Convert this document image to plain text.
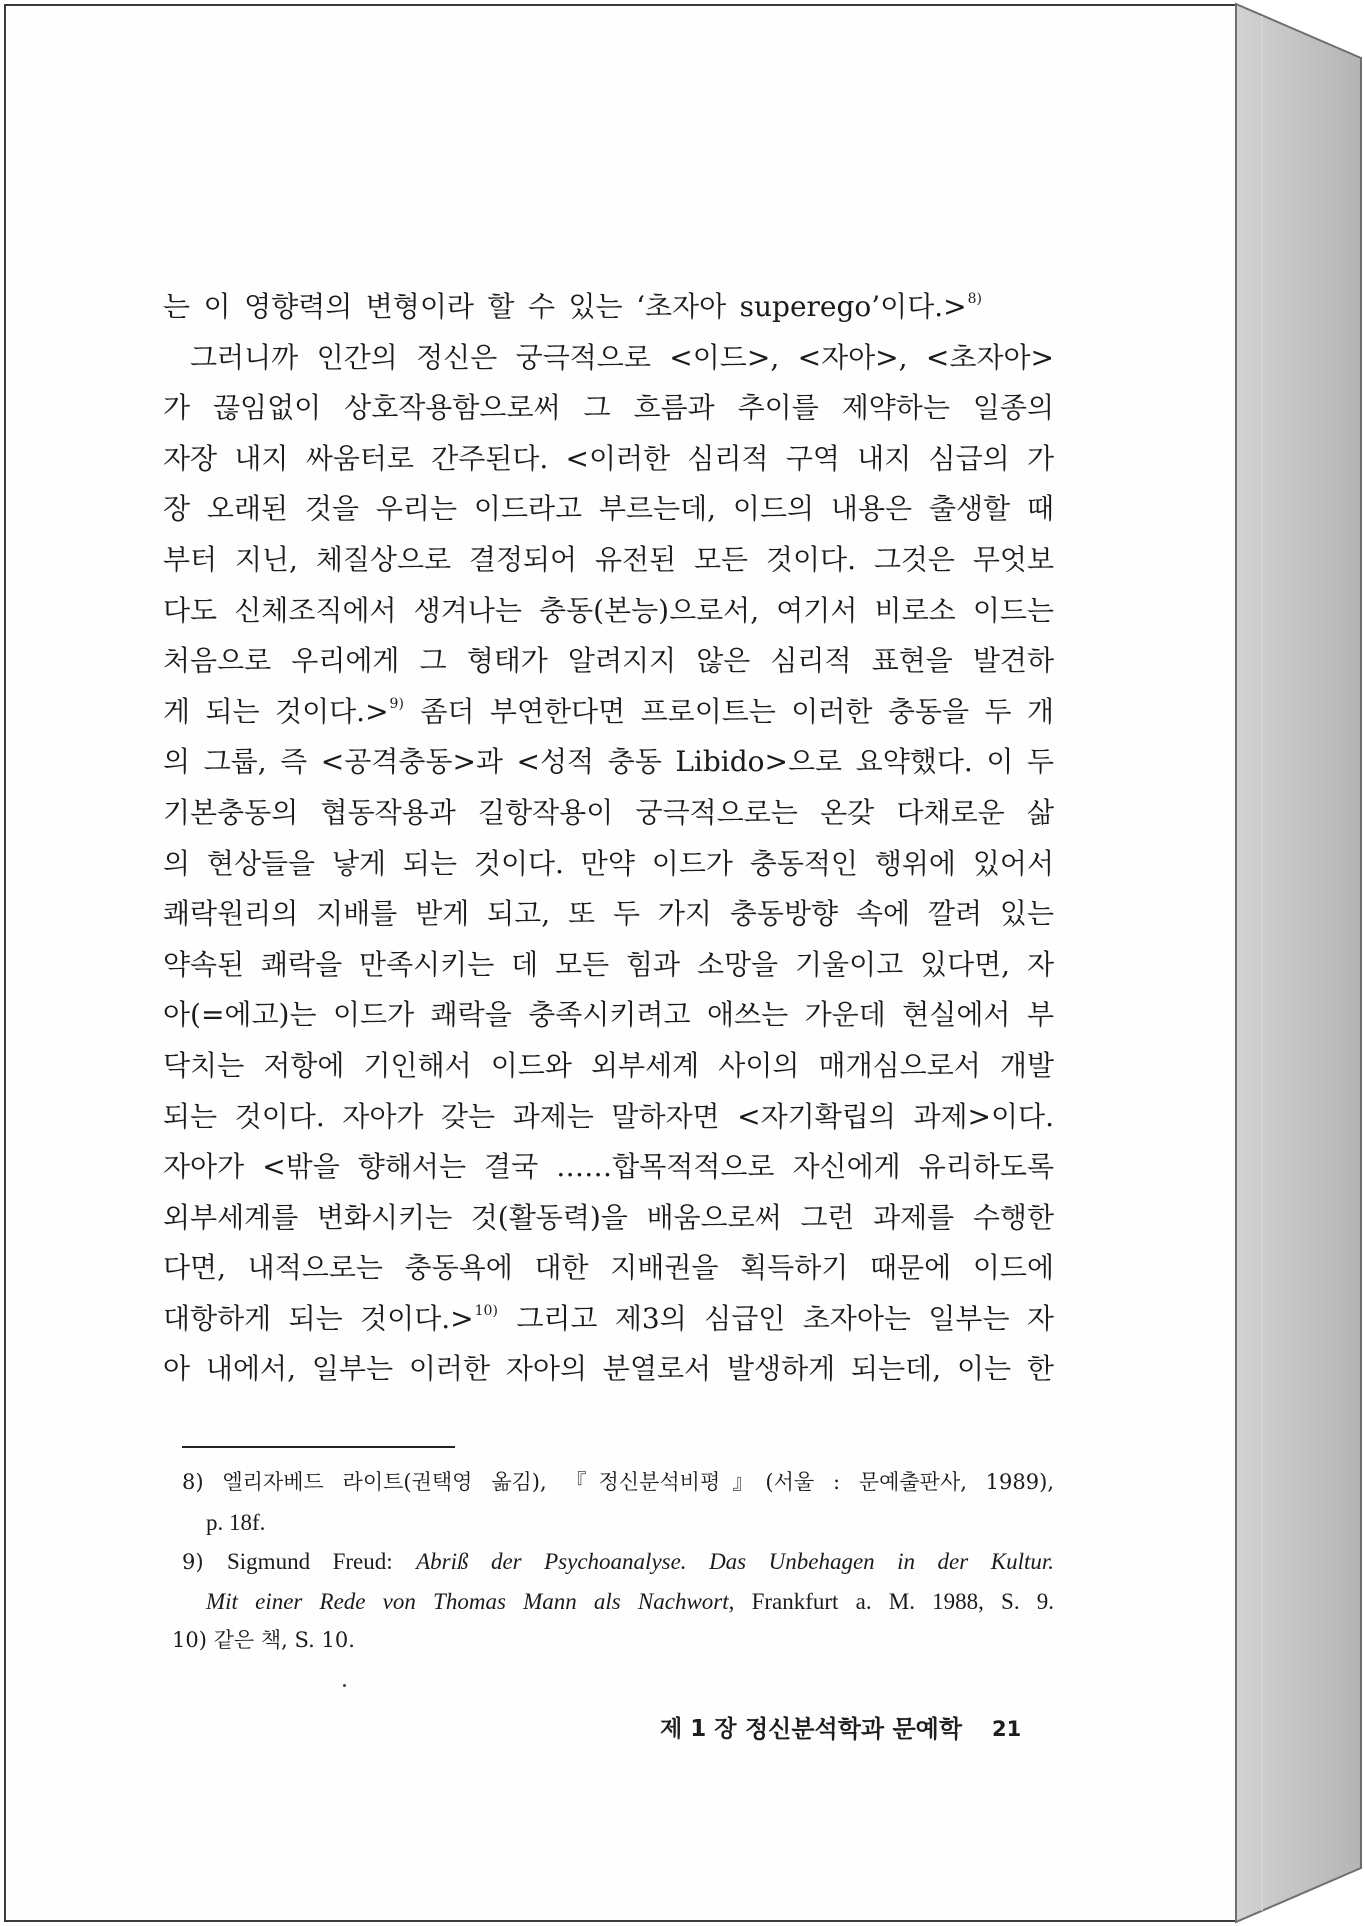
는 이 영향력의 변형이라 할 수 있는 ‘초자아 superego’이다.>$^{8)}$
그러니까 인간의 정신은 궁극적으로 <이드>, <자아>, <초자아>
가 끊임없이 상호작용함으로써 그 흐름과 추이를 제약하는 일종의
자장 내지 싸움터로 간주된다. <이러한 심리적 구역 내지 심급의 가
장 오래된 것을 우리는 이드라고 부르는데, 이드의 내용은 출생할 때
부터 지닌, 체질상으로 결정되어 유전된 모든 것이다. 그것은 무엇보
다도 신체조직에서 생겨나는 충동(본능)으로서, 여기서 비로소 이드는
처음으로 우리에게 그 형태가 알려지지 않은 심리적 표현을 발견하
게 되는 것이다.>$^{9)}$ 좀더 부연한다면 프로이트는 이러한 충동을 두 개
의 그룹, 즉 <공격충동>과 <성적 충동 Libido>으로 요약했다. 이 두
기본충동의 협동작용과 길항작용이 궁극적으로는 온갖 다채로운 삶
의 현상들을 낳게 되는 것이다. 만약 이드가 충동적인 행위에 있어서
쾌락원리의 지배를 받게 되고, 또 두 가지 충동방향 속에 깔려 있는
약속된 쾌락을 만족시키는 데 모든 힘과 소망을 기울이고 있다면, 자
아(=에고)는 이드가 쾌락을 충족시키려고 애쓰는 가운데 현실에서 부
닥치는 저항에 기인해서 이드와 외부세계 사이의 매개심으로서 개발
되는 것이다. 자아가 갖는 과제는 말하자면 <자기확립의 과제>이다.
자아가 <밖을 향해서는 결국 ……합목적적으로 자신에게 유리하도록
외부세계를 변화시키는 것(활동력)을 배움으로써 그런 과제를 수행한
다면, 내적으로는 충동욕에 대한 지배권을 획득하기 때문에 이드에
대항하게 되는 것이다.>$^{10)}$ 그리고 제3의 심급인 초자아는 일부는 자
아 내에서, 일부는 이러한 자아의 분열로서 발생하게 되는데, 이는 한
8) 엘리자베드 라이트(권택영 옮김), 『정신분석비평』(서울 : 문예출판사, 1989),
p. 18f.
9) Sigmund Freud: Abriß der Psychoanalyse. Das Unbehagen in der Kultur.
Mit einer Rede von Thomas Mann als Nachwort, Frankfurt a. M. 1988, S. 9.
10) 같은 책, S. 10.
제 1 장 정신분석학과 문예학 21
